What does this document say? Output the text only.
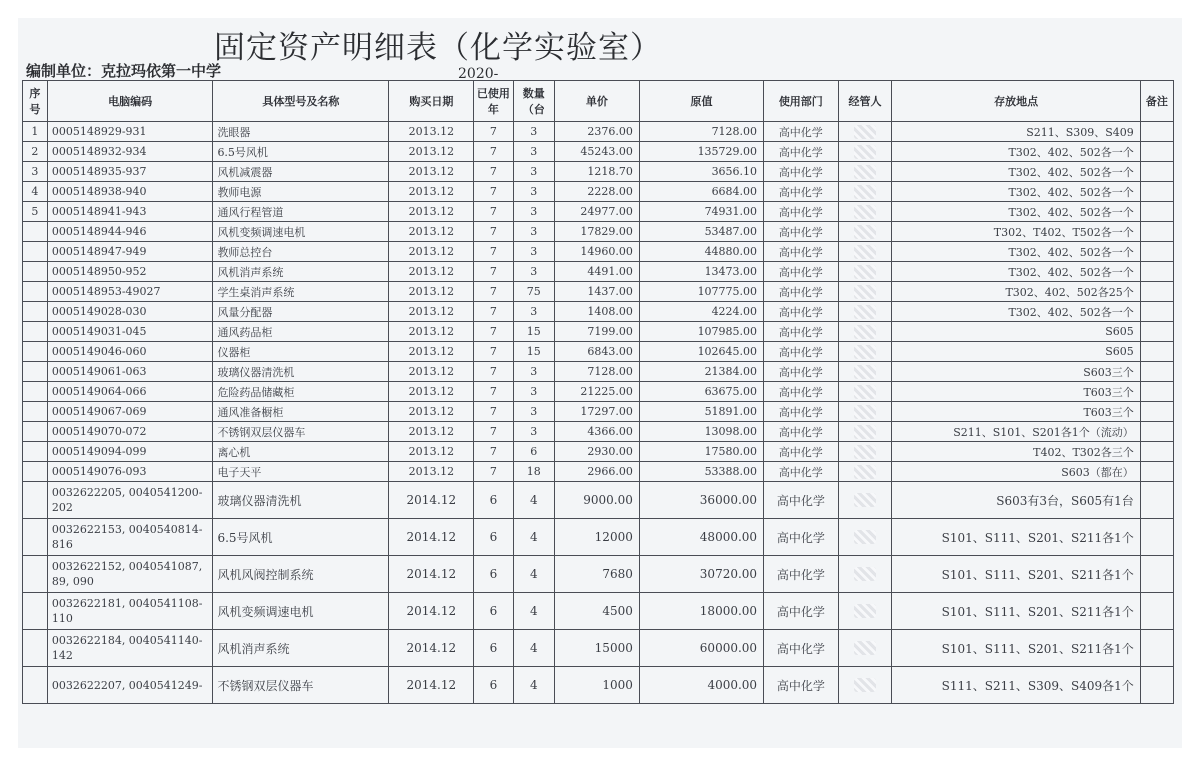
固定资产明细表（化学实验室）
编制单位：克拉玛依第一中学	2020-
序号	电脑编码	具体型号及名称	购买日期	已使用年	数量（台	单价	原值	使用部门	经管人	存放地点	备注
1	0005148929-931	洗眼器	2013.12	7	3	2376.00	7128.00	高中化学		S211、S309、S409	
2	0005148932-934	6.5号风机	2013.12	7	3	45243.00	135729.00	高中化学		T302、402、502各一个	
3	0005148935-937	风机减震器	2013.12	7	3	1218.70	3656.10	高中化学		T302、402、502各一个	
4	0005148938-940	教师电源	2013.12	7	3	2228.00	6684.00	高中化学		T302、402、502各一个	
5	0005148941-943	通风行程管道	2013.12	7	3	24977.00	74931.00	高中化学		T302、402、502各一个	
	0005148944-946	风机变频调速电机	2013.12	7	3	17829.00	53487.00	高中化学		T302、T402、T502各一个	
	0005148947-949	教师总控台	2013.12	7	3	14960.00	44880.00	高中化学		T302、402、502各一个	
	0005148950-952	风机消声系统	2013.12	7	3	4491.00	13473.00	高中化学		T302、402、502各一个	
	0005148953-49027	学生桌消声系统	2013.12	7	75	1437.00	107775.00	高中化学		T302、402、502各25个	
	0005149028-030	风量分配器	2013.12	7	3	1408.00	4224.00	高中化学		T302、402、502各一个	
	0005149031-045	通风药品柜	2013.12	7	15	7199.00	107985.00	高中化学		S605	
	0005149046-060	仪器柜	2013.12	7	15	6843.00	102645.00	高中化学		S605	
	0005149061-063	玻璃仪器清洗机	2013.12	7	3	7128.00	21384.00	高中化学		S603三个	
	0005149064-066	危险药品储藏柜	2013.12	7	3	21225.00	63675.00	高中化学		T603三个	
	0005149067-069	通风准备橱柜	2013.12	7	3	17297.00	51891.00	高中化学		T603三个	
	0005149070-072	不锈钢双层仪器车	2013.12	7	3	4366.00	13098.00	高中化学		S211、S101、S201各1个（流动）	
	0005149094-099	离心机	2013.12	7	6	2930.00	17580.00	高中化学		T402、T302各三个	
	0005149076-093	电子天平	2013.12	7	18	2966.00	53388.00	高中化学		S603（都在）	
	0032622205, 0040541200-202	玻璃仪器清洗机	2014.12	6	4	9000.00	36000.00	高中化学		S603有3台，S605有1台	
	0032622153, 0040540814-816	6.5号风机	2014.12	6	4	12000	48000.00	高中化学		S101、S111、S201、S211各1个	
	0032622152, 0040541087, 89, 090	风机风阀控制系统	2014.12	6	4	7680	30720.00	高中化学		S101、S111、S201、S211各1个	
	0032622181, 0040541108-110	风机变频调速电机	2014.12	6	4	4500	18000.00	高中化学		S101、S111、S201、S211各1个	
	0032622184, 0040541140-142	风机消声系统	2014.12	6	4	15000	60000.00	高中化学		S101、S111、S201、S211各1个	
	0032622207, 0040541249-	不锈钢双层仪器车	2014.12	6	4	1000	4000.00	高中化学		S111、S211、S309、S409各1个	
